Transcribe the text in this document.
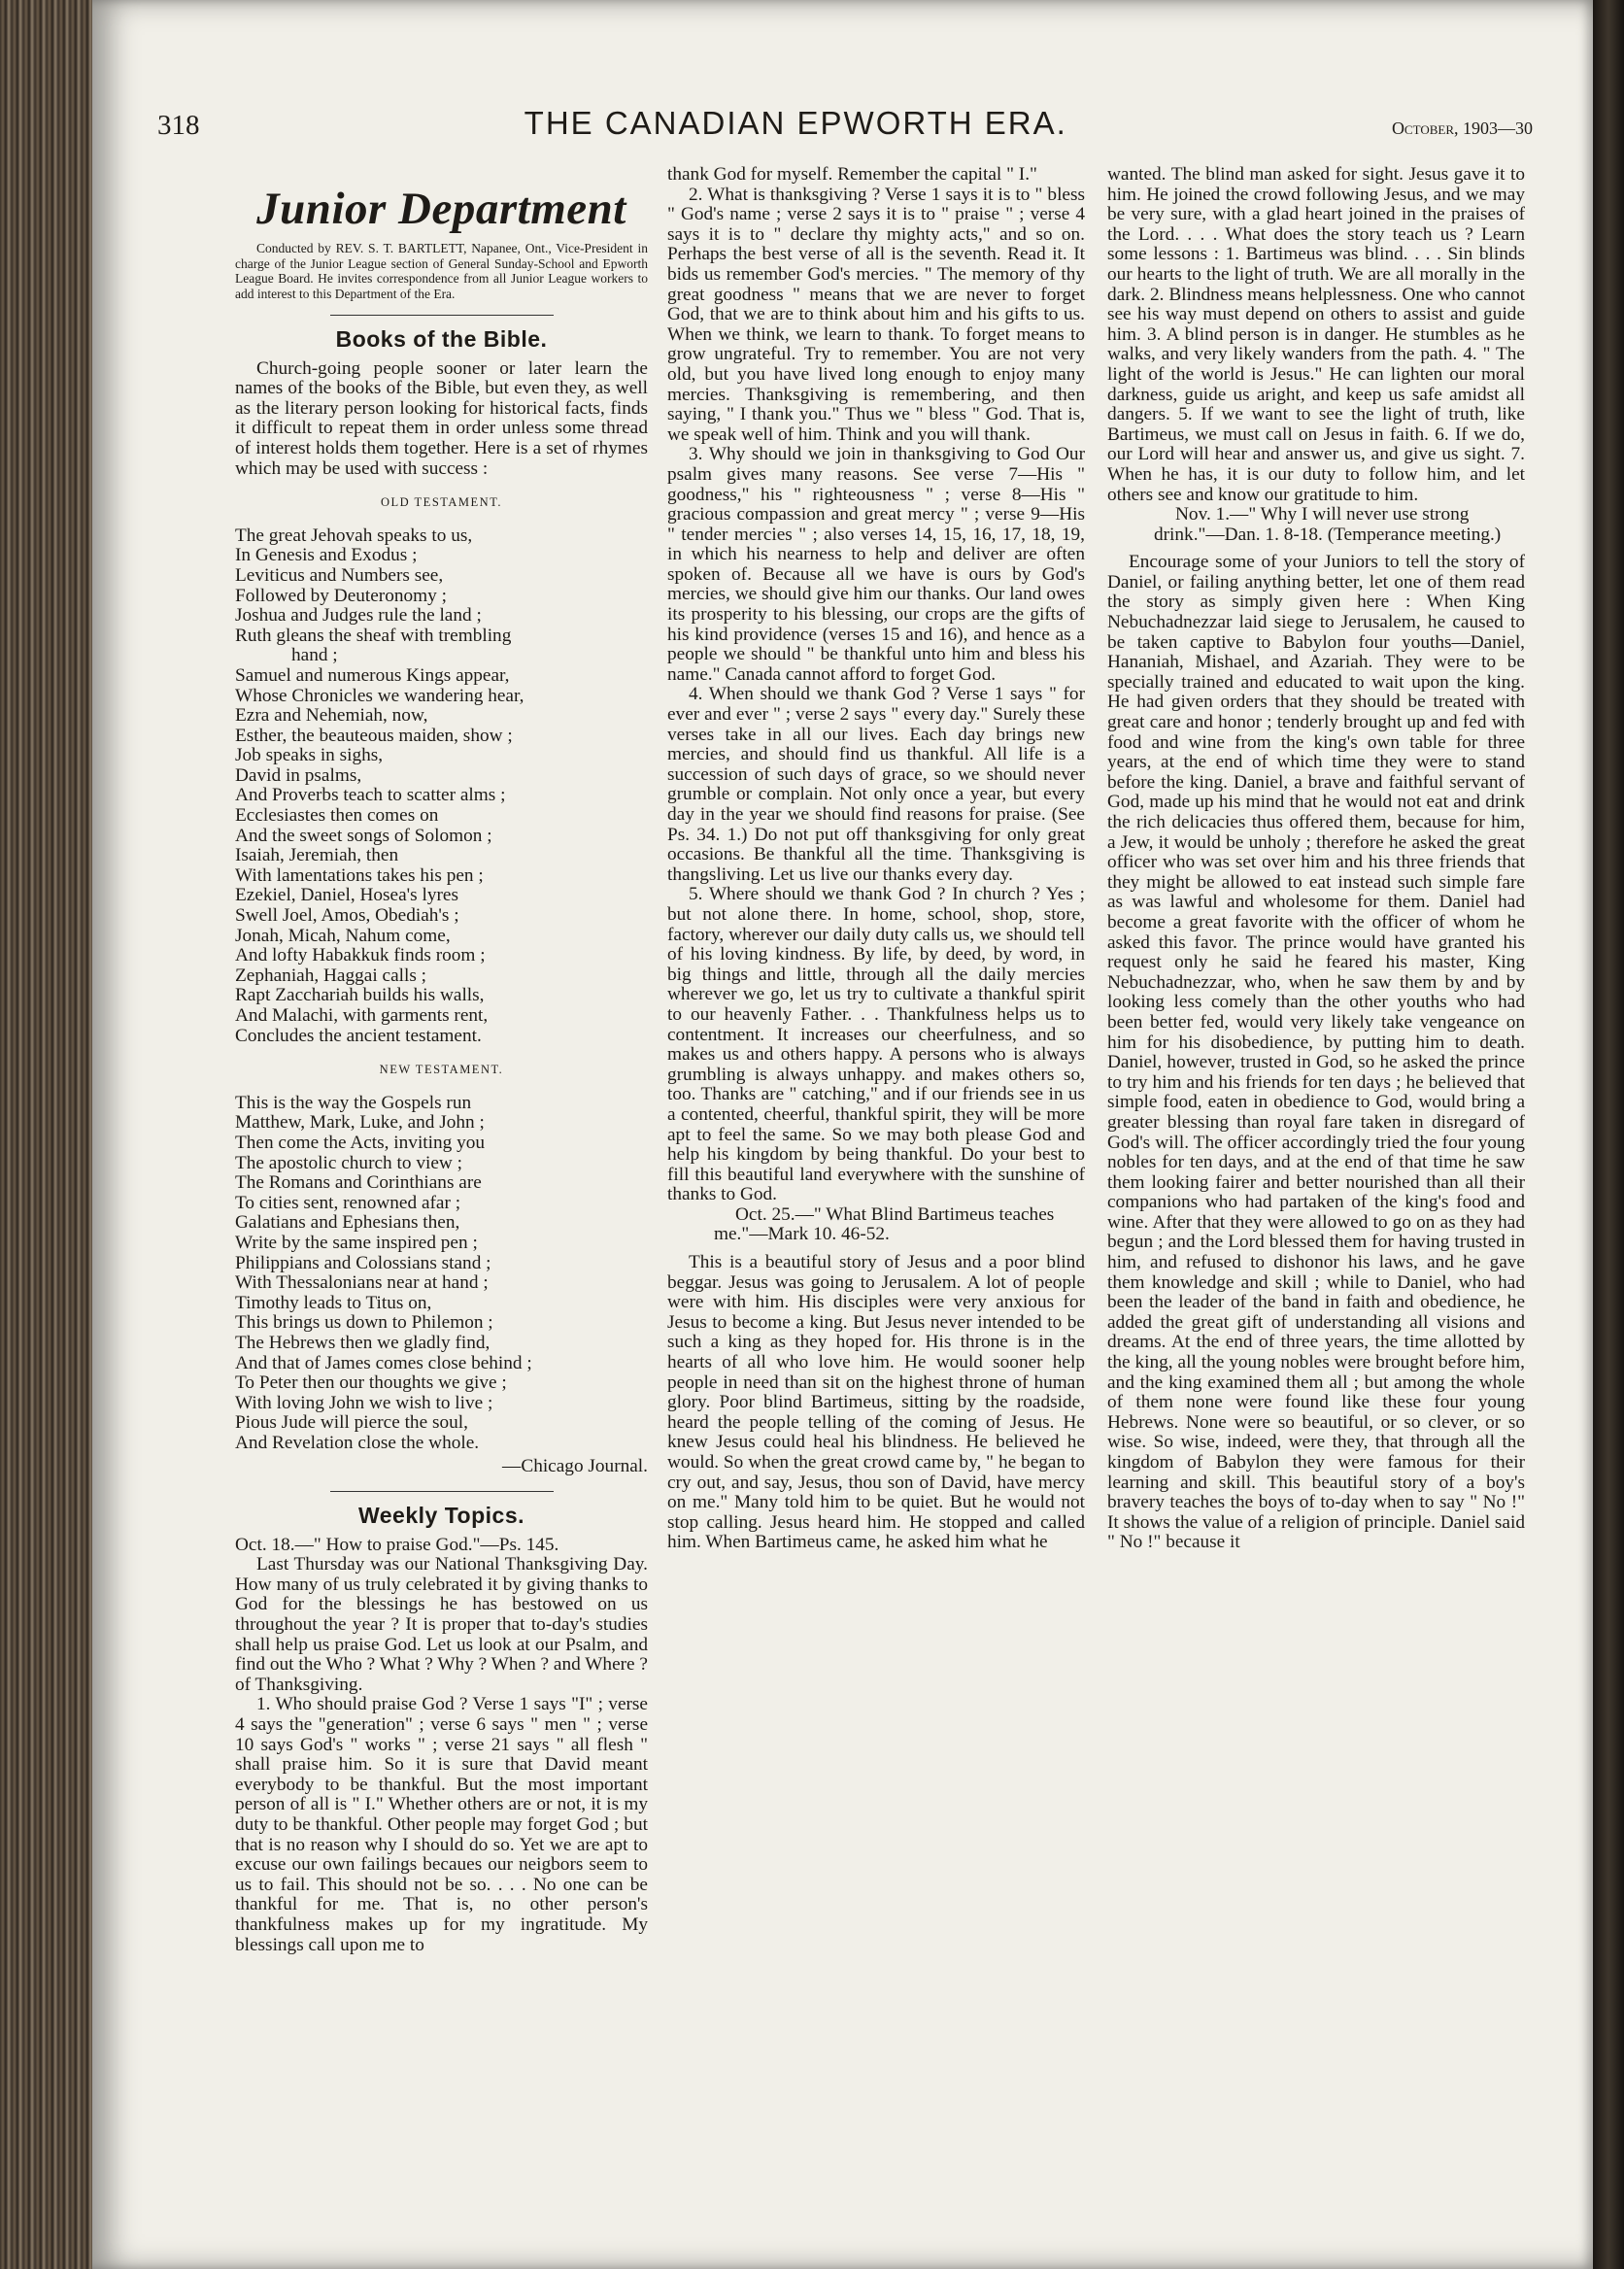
318	THE CANADIAN EPWORTH ERA.	October, 1903—30
Junior Department

Conducted by REV. S. T. BARTLETT, Napanee, Ont., Vice-President in charge of the Junior League section of General Sunday-School and Epworth League Board. He invites correspondence from all Junior League workers to add interest to this Department of the Era.

Books of the Bible.

Church-going people sooner or later learn the names of the books of the Bible, but even they, as well as the literary person looking for historical facts, finds it difficult to repeat them in order unless some thread of interest holds them together. Here is a set of rhymes which may be used with success :

OLD TESTAMENT.
The great Jehovah speaks to us,
In Genesis and Exodus ;
Leviticus and Numbers see,
Followed by Deuteronomy ;
Joshua and Judges rule the land ;
Ruth gleans the sheaf with trembling
hand ;
Samuel and numerous Kings appear,
Whose Chronicles we wandering hear,
Ezra and Nehemiah, now,
Esther, the beauteous maiden, show ;
Job speaks in sighs,
David in psalms,
And Proverbs teach to scatter alms ;
Ecclesiastes then comes on
And the sweet songs of Solomon ;
Isaiah, Jeremiah, then
With lamentations takes his pen ;
Ezekiel, Daniel, Hosea's lyres
Swell Joel, Amos, Obediah's ;
Jonah, Micah, Nahum come,
And lofty Habakkuk finds room ;
Zephaniah, Haggai calls ;
Rapt Zacchariah builds his walls,
And Malachi, with garments rent,
Concludes the ancient testament.
NEW TESTAMENT.
This is the way the Gospels run
Matthew, Mark, Luke, and John ;
Then come the Acts, inviting you
The apostolic church to view ;
The Romans and Corinthians are
To cities sent, renowned afar ;
Galatians and Ephesians then,
Write by the same inspired pen ;
Philippians and Colossians stand ;
With Thessalonians near at hand ;
Timothy leads to Titus on,
This brings us down to Philemon ;
The Hebrews then we gladly find,
And that of James comes close behind ;
To Peter then our thoughts we give ;
With loving John we wish to live ;
Pious Jude will pierce the soul,
And Revelation close the whole.
—Chicago Journal.
Weekly Topics.

Oct. 18.—" How to praise God."—Ps. 145.

Last Thursday was our National Thanksgiving Day. How many of us truly celebrated it by giving thanks to God for the blessings he has bestowed on us throughout the year ? It is proper that to-day's studies shall help us praise God. Let us look at our Psalm, and find out the Who ? What ? Why ? When ? and Where ? of Thanksgiving.

1. Who should praise God ? Verse 1 says "I" ; verse 4 says the "generation" ; verse 6 says " men " ; verse 10 says God's " works " ; verse 21 says " all flesh " shall praise him. So it is sure that David meant everybody to be thankful. But the most important person of all is " I." Whether others are or not, it is my duty to be thankful. Other people may forget God ; but that is no reason why I should do so. Yet we are apt to excuse our own failings becaues our neigbors seem to us to fail. This should not be so. . . . No one can be thankful for me. That is, no other person's thankfulness makes up for my ingratitude. My blessings call upon me to

thank God for myself. Remember the capital " I."

2. What is thanksgiving ? Verse 1 says it is to " bless " God's name ; verse 2 says it is to " praise " ; verse 4 says it is to " declare thy mighty acts," and so on. Perhaps the best verse of all is the seventh. Read it. It bids us remember God's mercies. " The memory of thy great goodness " means that we are never to forget God, that we are to think about him and his gifts to us. When we think, we learn to thank. To forget means to grow ungrateful. Try to remember. You are not very old, but you have lived long enough to enjoy many mercies. Thanksgiving is remembering, and then saying, " I thank you." Thus we " bless " God. That is, we speak well of him. Think and you will thank.

3. Why should we join in thanksgiving to God Our psalm gives many reasons. See verse 7—His " goodness," his " righteousness " ; verse 8—His " gracious compassion and great mercy " ; verse 9—His " tender mercies " ; also verses 14, 15, 16, 17, 18, 19, in which his nearness to help and deliver are often spoken of. Because all we have is ours by God's mercies, we should give him our thanks. Our land owes its prosperity to his blessing, our crops are the gifts of his kind providence (verses 15 and 16), and hence as a people we should " be thankful unto him and bless his name." Canada cannot afford to forget God.

4. When should we thank God ? Verse 1 says " for ever and ever " ; verse 2 says " every day." Surely these verses take in all our lives. Each day brings new mercies, and should find us thankful. All life is a succession of such days of grace, so we should never grumble or complain. Not only once a year, but every day in the year we should find reasons for praise. (See Ps. 34. 1.) Do not put off thanksgiving for only great occasions. Be thankful all the time. Thanksgiving is thangsliving. Let us live our thanks every day.

5. Where should we thank God ? In church ? Yes ; but not alone there. In home, school, shop, store, factory, wherever our daily duty calls us, we should tell of his loving kindness. By life, by deed, by word, in big things and little, through all the daily mercies wherever we go, let us try to cultivate a thankful spirit to our heavenly Father. . . Thankfulness helps us to contentment. It increases our cheerfulness, and so makes us and others happy. A persons who is always grumbling is always unhappy. and makes others so, too. Thanks are " catching," and if our friends see in us a contented, cheerful, thankful spirit, they will be more apt to feel the same. So we may both please God and help his kingdom by being thankful. Do your best to fill this beautiful land everywhere with the sunshine of thanks to God.

Oct. 25.—" What Blind Bartimeus teaches me."—Mark 10. 46-52.

This is a beautiful story of Jesus and a poor blind beggar. Jesus was going to Jerusalem. A lot of people were with him. His disciples were very anxious for Jesus to become a king. But Jesus never intended to be such a king as they hoped for. His throne is in the hearts of all who love him. He would sooner help people in need than sit on the highest throne of human glory. Poor blind Bartimeus, sitting by the roadside, heard the people telling of the coming of Jesus. He knew Jesus could heal his blindness. He believed he would. So when the great crowd came by, " he began to cry out, and say, Jesus, thou son of David, have mercy on me." Many told him to be quiet. But he would not stop calling. Jesus heard him. He stopped and called him. When Bartimeus came, he asked him what he

wanted. The blind man asked for sight. Jesus gave it to him. He joined the crowd following Jesus, and we may be very sure, with a glad heart joined in the praises of the Lord. . . . What does the story teach us ? Learn some lessons : 1. Bartimeus was blind. . . . Sin blinds our hearts to the light of truth. We are all morally in the dark. 2. Blindness means helplessness. One who cannot see his way must depend on others to assist and guide him. 3. A blind person is in danger. He stumbles as he walks, and very likely wanders from the path. 4. " The light of the world is Jesus." He can lighten our moral darkness, guide us aright, and keep us safe amidst all dangers. 5. If we want to see the light of truth, like Bartimeus, we must call on Jesus in faith. 6. If we do, our Lord will hear and answer us, and give us sight. 7. When he has, it is our duty to follow him, and let others see and know our gratitude to him.

Nov. 1.—" Why I will never use strong drink."—Dan. 1. 8-18. (Temperance meeting.)

Encourage some of your Juniors to tell the story of Daniel, or failing anything better, let one of them read the story as simply given here : When King Nebuchadnezzar laid siege to Jerusalem, he caused to be taken captive to Babylon four youths—Daniel, Hananiah, Mishael, and Azariah. They were to be specially trained and educated to wait upon the king. He had given orders that they should be treated with great care and honor ; tenderly brought up and fed with food and wine from the king's own table for three years, at the end of which time they were to stand before the king. Daniel, a brave and faithful servant of God, made up his mind that he would not eat and drink the rich delicacies thus offered them, because for him, a Jew, it would be unholy ; therefore he asked the great officer who was set over him and his three friends that they might be allowed to eat instead such simple fare as was lawful and wholesome for them. Daniel had become a great favorite with the officer of whom he asked this favor. The prince would have granted his request only he said he feared his master, King Nebuchadnezzar, who, when he saw them by and by looking less comely than the other youths who had been better fed, would very likely take vengeance on him for his disobedience, by putting him to death. Daniel, however, trusted in God, so he asked the prince to try him and his friends for ten days ; he believed that simple food, eaten in obedience to God, would bring a greater blessing than royal fare taken in disregard of God's will. The officer accordingly tried the four young nobles for ten days, and at the end of that time he saw them looking fairer and better nourished than all their companions who had partaken of the king's food and wine. After that they were allowed to go on as they had begun ; and the Lord blessed them for having trusted in him, and refused to dishonor his laws, and he gave them knowledge and skill ; while to Daniel, who had been the leader of the band in faith and obedience, he added the great gift of understanding all visions and dreams. At the end of three years, the time allotted by the king, all the young nobles were brought before him, and the king examined them all ; but among the whole of them none were found like these four young Hebrews. None were so beautiful, or so clever, or so wise. So wise, indeed, were they, that through all the kingdom of Babylon they were famous for their learning and skill. This beautiful story of a boy's bravery teaches the boys of to-day when to say " No !" It shows the value of a religion of principle. Daniel said " No !" because it
